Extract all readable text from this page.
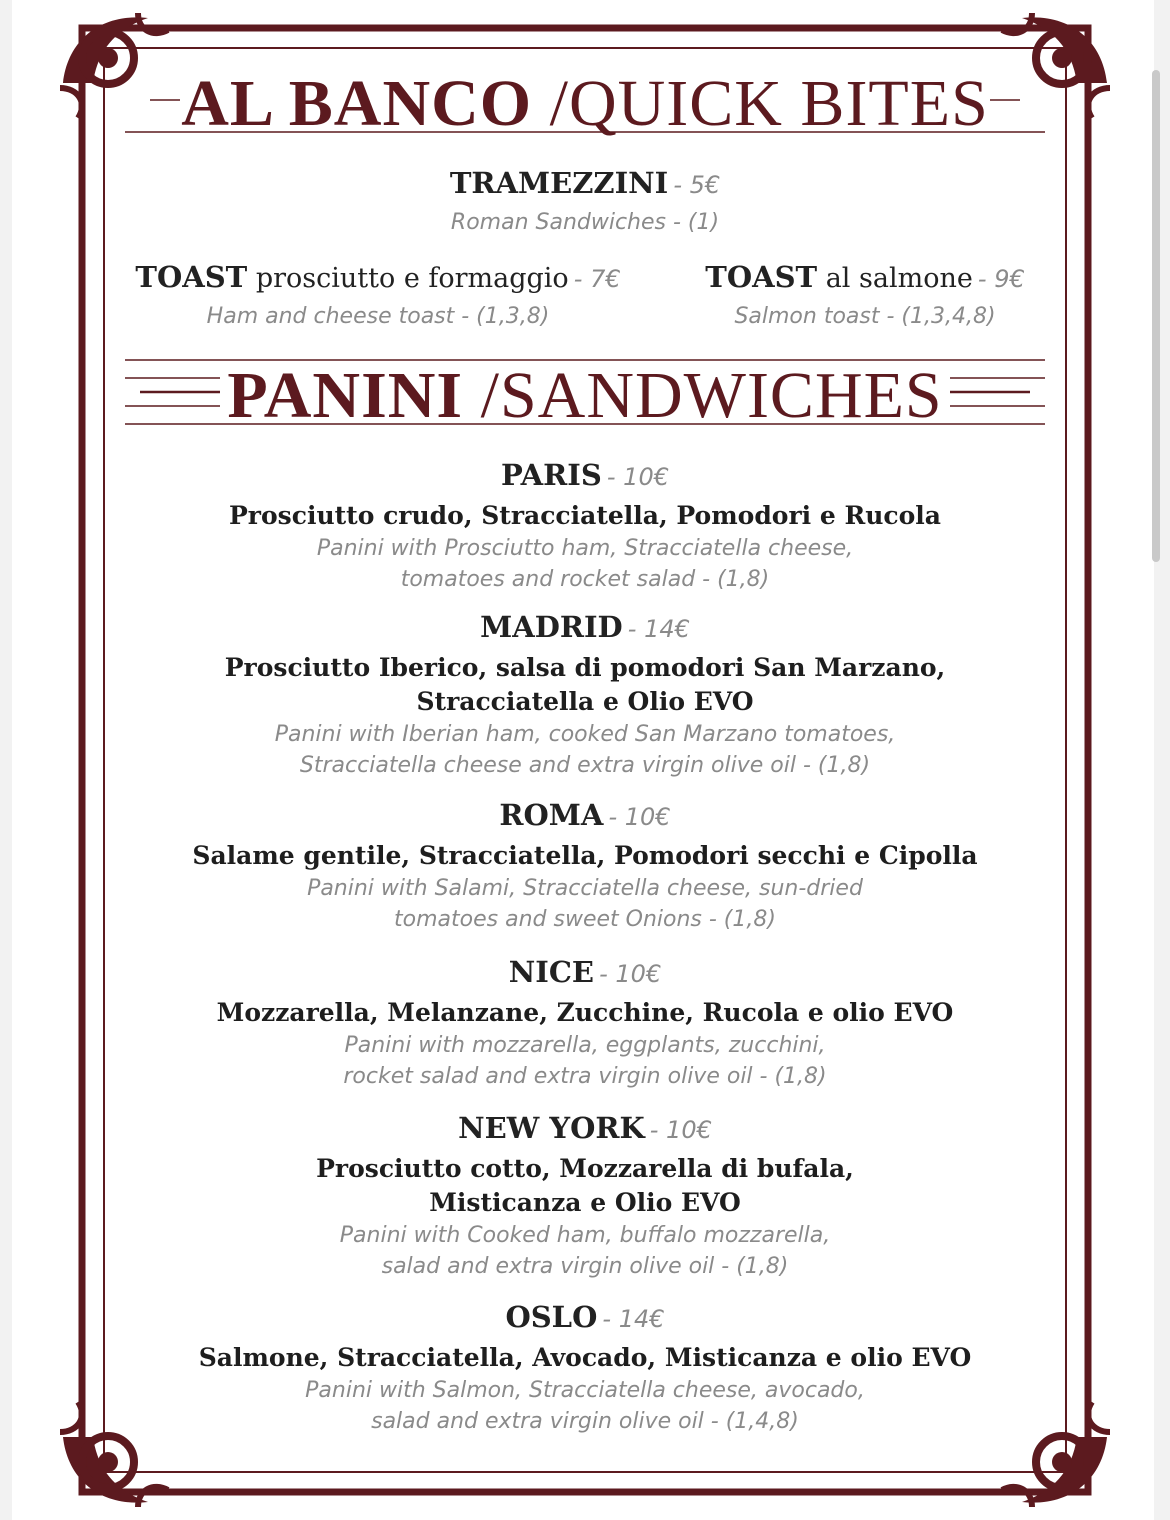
AL BANCO /QUICK BITES
TRAMEZZINI - 5€
Roman Sandwiches - (1)
TOAST prosciutto e formaggio - 7€
Ham and cheese toast - (1,3,8)
TOAST al salmone - 9€
Salmon toast - (1,3,4,8)
PANINI /SANDWICHES
PARIS - 10€
Prosciutto crudo, Stracciatella, Pomodori e Rucola
Panini with Prosciutto ham, Stracciatella cheese,
tomatoes and rocket salad - (1,8)
MADRID - 14€
Prosciutto Iberico, salsa di pomodori San Marzano,
Stracciatella e Olio EVO
Panini with Iberian ham, cooked San Marzano tomatoes,
Stracciatella cheese and extra virgin olive oil - (1,8)
ROMA - 10€
Salame gentile, Stracciatella, Pomodori secchi e Cipolla
Panini with Salami, Stracciatella cheese, sun-dried
tomatoes and sweet Onions - (1,8)
NICE - 10€
Mozzarella, Melanzane, Zucchine, Rucola e olio EVO
Panini with mozzarella, eggplants, zucchini,
rocket salad and extra virgin olive oil - (1,8)
NEW YORK - 10€
Prosciutto cotto, Mozzarella di bufala,
Misticanza e Olio EVO
Panini with Cooked ham, buffalo mozzarella,
salad and extra virgin olive oil - (1,8)
OSLO - 14€
Salmone, Stracciatella, Avocado, Misticanza e olio EVO
Panini with Salmon, Stracciatella cheese, avocado,
salad and extra virgin olive oil - (1,4,8)
